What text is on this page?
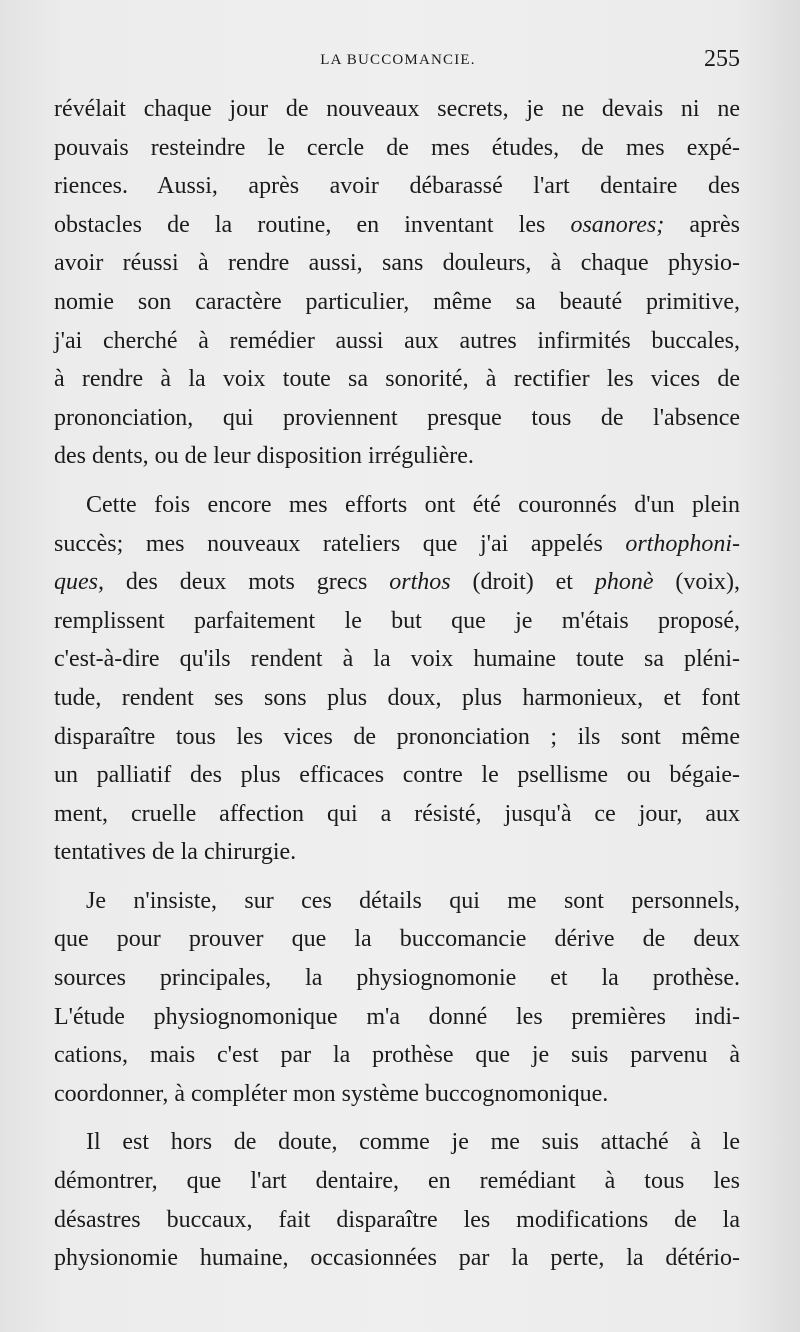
LA BUCCOMANCIE.	255
révélait chaque jour de nouveaux secrets, je ne devais ni ne
pouvais resteindre le cercle de mes études, de mes expé-
riences. Aussi, après avoir débarassé l'art dentaire des
obstacles de la routine, en inventant les osanores; après
avoir réussi à rendre aussi, sans douleurs, à chaque physio-
nomie son caractère particulier, même sa beauté primitive,
j'ai cherché à remédier aussi aux autres infirmités buccales,
à rendre à la voix toute sa sonorité, à rectifier les vices de
prononciation, qui proviennent presque tous de l'absence
des dents, ou de leur disposition irrégulière.
Cette fois encore mes efforts ont été couronnés d'un plein
succès; mes nouveaux rateliers que j'ai appelés orthophoni-
ques, des deux mots grecs orthos (droit) et phonè (voix),
remplissent parfaitement le but que je m'étais proposé,
c'est-à-dire qu'ils rendent à la voix humaine toute sa pléni-
tude, rendent ses sons plus doux, plus harmonieux, et font
disparaître tous les vices de prononciation ; ils sont même
un palliatif des plus efficaces contre le psellisme ou bégaie-
ment, cruelle affection qui a résisté, jusqu'à ce jour, aux
tentatives de la chirurgie.
Je n'insiste, sur ces détails qui me sont personnels,
que pour prouver que la buccomancie dérive de deux
sources principales, la physiognomonie et la prothèse.
L'étude physiognomonique m'a donné les premières indi-
cations, mais c'est par la prothèse que je suis parvenu à
coordonner, à compléter mon système buccognomonique.
Il est hors de doute, comme je me suis attaché à le
démontrer, que l'art dentaire, en remédiant à tous les
désastres buccaux, fait disparaître les modifications de la
physionomie humaine, occasionnées par la perte, la détério-
